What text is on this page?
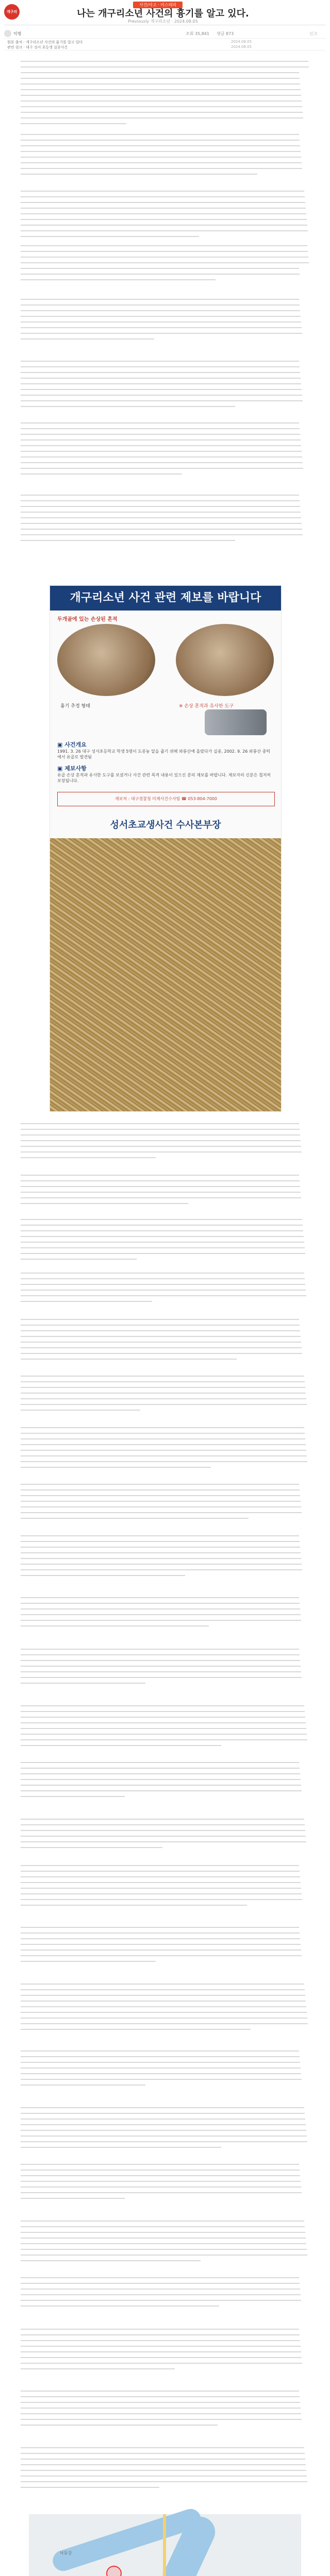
개구리
사건/사고 · 미스테리
나는 개구리소년 사건의 흉기를 알고 있다.
Previously 개구리소년 · 2024.08.05
익명	조회 35,841 댓글 873	신고
원본 출처 · 개구리소년 사건의 흉기를 알고 있다	2024.08.05
관련 링크 · 대구 성서 초등생 실종사건	2024.08.05
개구리소년 사건 관련 제보를 바랍니다
두개골에 있는 손상된 흔적
흉기 추정 형태	※ 손상 흔적과 유사한 도구
▣ 사건개요
1991. 3. 26 대구 성서초등학교 학생 5명이 도롱뇽 알을 줍기 위해 와룡산에 올랐다가 실종, 2002. 9. 26 와룡산 중턱에서 유골로 발견됨
▣ 제보사항
유골 손상 흔적과 유사한 도구를 보셨거나 사건 관련 목격 내용이 있으신 분의 제보를 바랍니다. 제보자의 신분은 철저히 보장됩니다.
제보처 : 대구경찰청 미제사건수사팀 ☎ 053-804-7000
성서초교생사건 수사본부장
낙동강
